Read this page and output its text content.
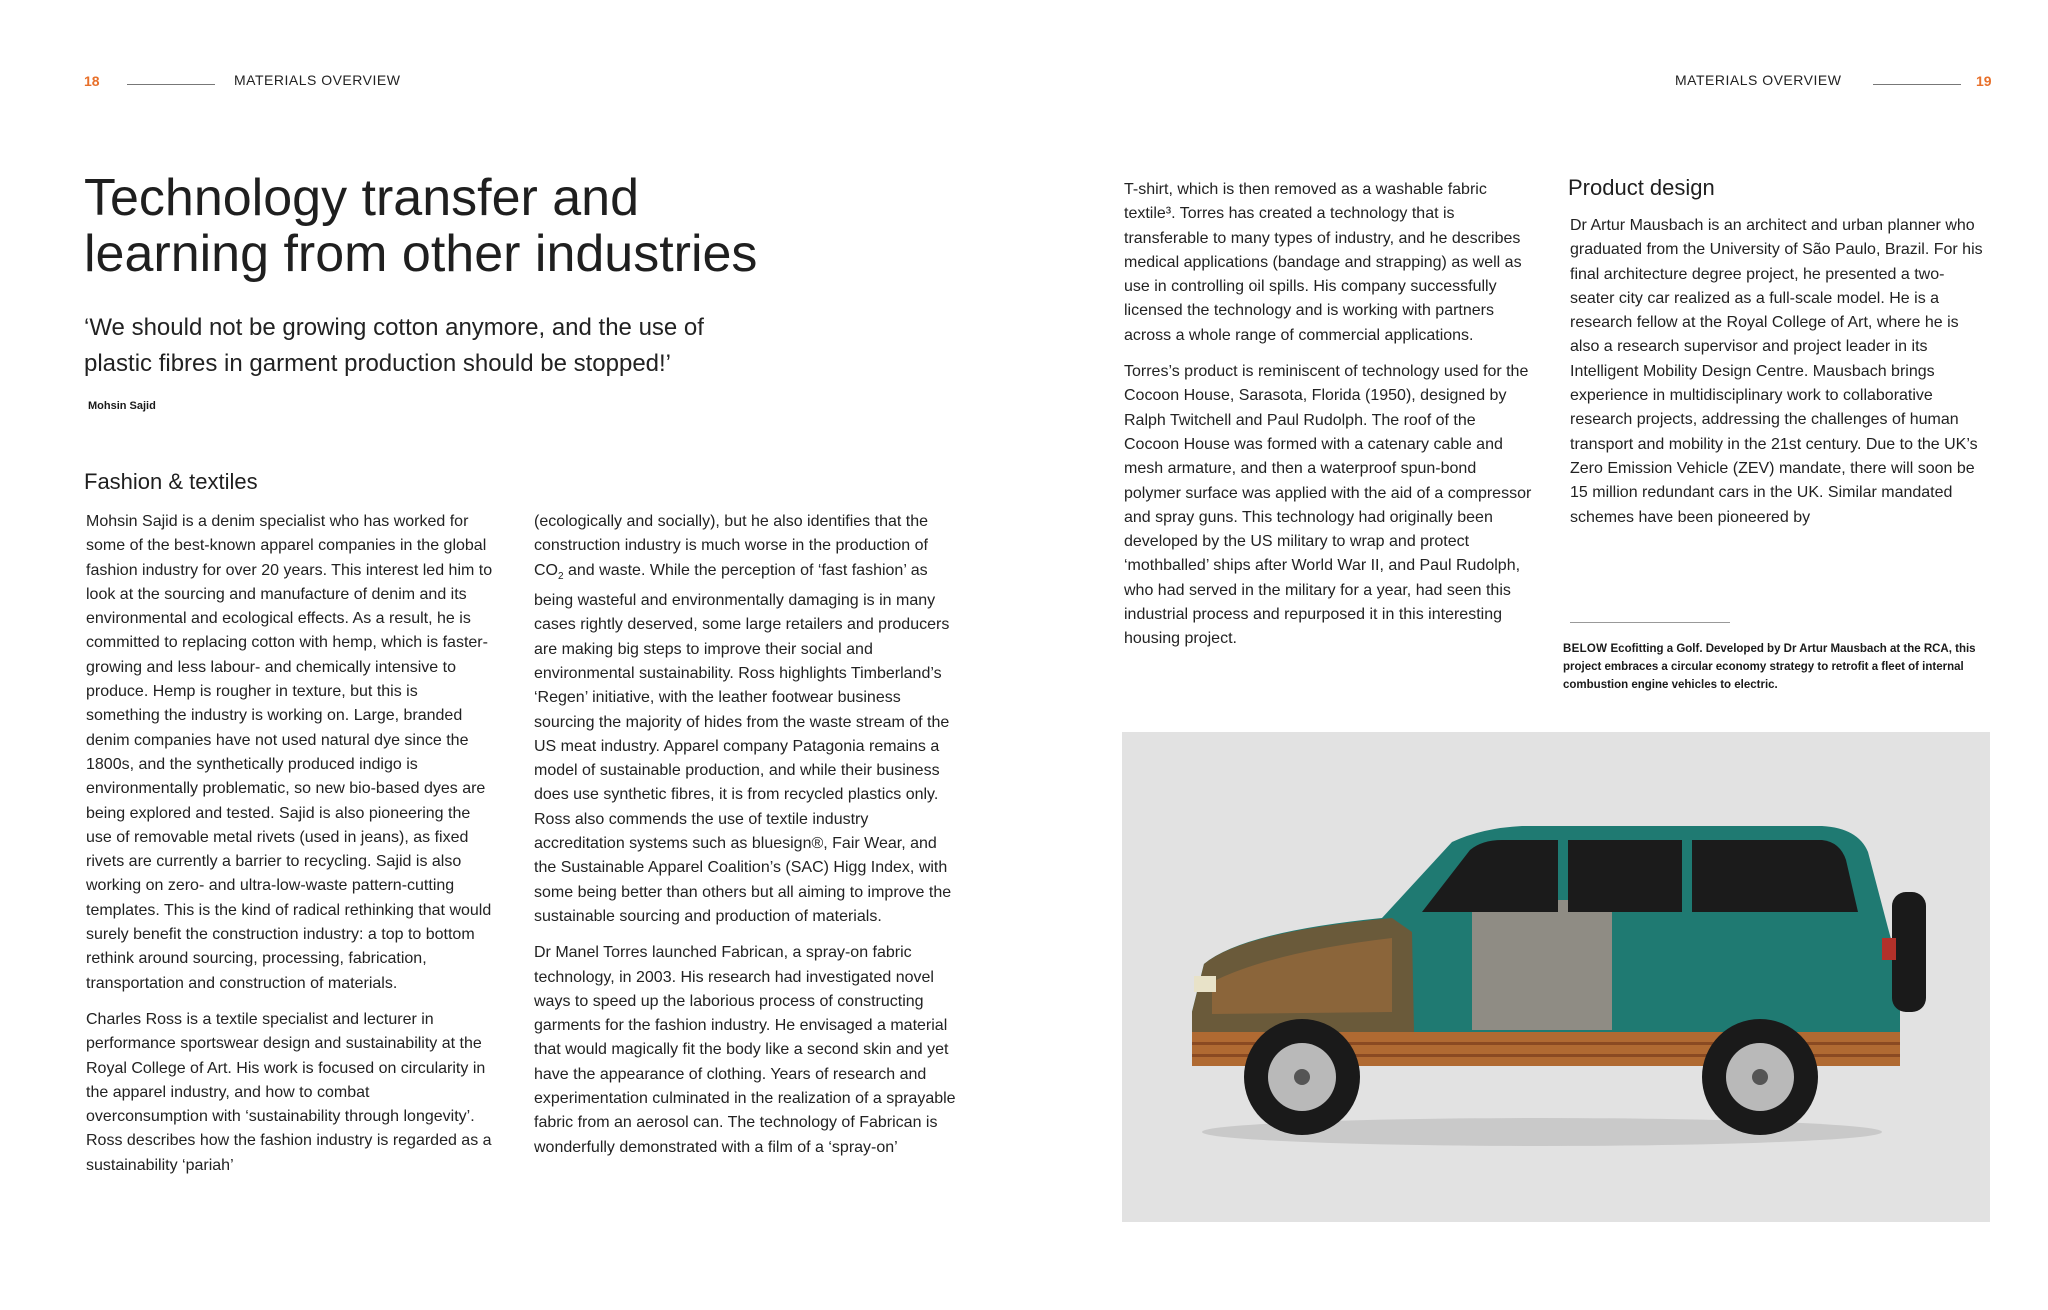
18	MATERIALS OVERVIEW	MATERIALS OVERVIEW	19
Technology transfer and
learning from other industries

‘We should not be growing cotton anymore, and the use of
plastic fibres in garment production should be stopped!’

Mohsin Sajid
Fashion & textiles

Mohsin Sajid is a denim specialist who has worked for some of the best-known apparel companies in the global fashion industry for over 20 years. This interest led him to look at the sourcing and manufacture of denim and its environmental and ecological effects. As a result, he is committed to replacing cotton with hemp, which is faster-growing and less labour- and chemically intensive to produce. Hemp is rougher in texture, but this is something the industry is working on. Large, branded denim companies have not used natural dye since the 1800s, and the synthetically produced indigo is environmentally problematic, so new bio-based dyes are being explored and tested. Sajid is also pioneering the use of removable metal rivets (used in jeans), as fixed rivets are currently a barrier to recycling. Sajid is also working on zero- and ultra-low-waste pattern-cutting templates. This is the kind of radical rethinking that would surely benefit the construction industry: a top to bottom rethink around sourcing, processing, fabrication, transportation and construction of materials.

Charles Ross is a textile specialist and lecturer in performance sportswear design and sustainability at the Royal College of Art. His work is focused on circularity in the apparel industry, and how to combat overconsumption with ‘sustainability through longevity’. Ross describes how the fashion industry is regarded as a sustainability ‘pariah’

(ecologically and socially), but he also identifies that the construction industry is much worse in the production of $CO_2$ and waste. While the perception of ‘fast fashion’ as being wasteful and environmentally damaging is in many cases rightly deserved, some large retailers and producers are making big steps to improve their social and environmental sustainability. Ross highlights Timberland’s ‘Regen’ initiative, with the leather footwear business sourcing the majority of hides from the waste stream of the US meat industry. Apparel company Patagonia remains a model of sustainable production, and while their business does use synthetic fibres, it is from recycled plastics only. Ross also commends the use of textile industry accreditation systems such as bluesign®, Fair Wear, and the Sustainable Apparel Coalition’s (SAC) Higg Index, with some being better than others but all aiming to improve the sustainable sourcing and production of materials.

Dr Manel Torres launched Fabrican, a spray-on fabric technology, in 2003. His research had investigated novel ways to speed up the laborious process of constructing garments for the fashion industry. He envisaged a material that would magically fit the body like a second skin and yet have the appearance of clothing. Years of research and experimentation culminated in the realization of a sprayable fabric from an aerosol can. The technology of Fabrican is wonderfully demonstrated with a film of a ‘spray-on’

T-shirt, which is then removed as a washable fabric textile³. Torres has created a technology that is transferable to many types of industry, and he describes medical applications (bandage and strapping) as well as use in controlling oil spills. His company successfully licensed the technology and is working with partners across a whole range of commercial applications.

Torres’s product is reminiscent of technology used for the Cocoon House, Sarasota, Florida (1950), designed by Ralph Twitchell and Paul Rudolph. The roof of the Cocoon House was formed with a catenary cable and mesh armature, and then a waterproof spun-bond polymer surface was applied with the aid of a compressor and spray guns. This technology had originally been developed by the US military to wrap and protect ‘mothballed’ ships after World War II, and Paul Rudolph, who had served in the military for a year, had seen this industrial process and repurposed it in this interesting housing project.

Product design

Dr Artur Mausbach is an architect and urban planner who graduated from the University of São Paulo, Brazil. For his final architecture degree project, he presented a two-seater city car realized as a full-scale model. He is a research fellow at the Royal College of Art, where he is also a research supervisor and project leader in its Intelligent Mobility Design Centre. Mausbach brings experience in multidisciplinary work to collaborative research projects, addressing the challenges of human transport and mobility in the 21st century. Due to the UK’s Zero Emission Vehicle (ZEV) mandate, there will soon be 15 million redundant cars in the UK. Similar mandated schemes have been pioneered by

BELOW Ecofitting a Golf. Developed by Dr Artur Mausbach at the RCA, this project embraces a circular economy strategy to retrofit a fleet of internal combustion engine vehicles to electric.
